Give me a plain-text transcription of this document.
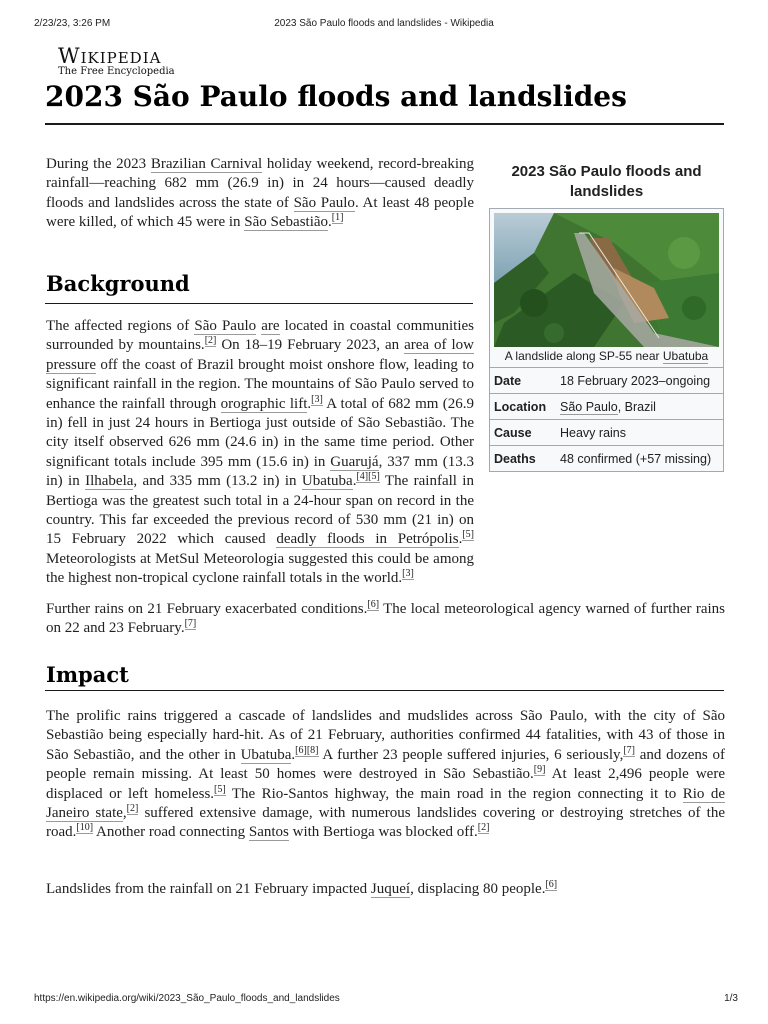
2/23/23, 3:26 PM	2023 São Paulo floods and landslides - Wikipedia
Wikipedia
The Free Encyclopedia
2023 São Paulo floods and landslides

During the 2023 Brazilian Carnival holiday weekend, record-breaking rainfall—reaching 682 mm (26.9 in) in 24 hours—caused deadly floods and landslides across the state of São Paulo. At least 48 people were killed, of which 45 were in São Sebastião.[1]

Background

The affected regions of São Paulo are located in coastal communities surrounded by mountains.[2] On 18–19 February 2023, an area of low pressure off the coast of Brazil brought moist onshore flow, leading to significant rainfall in the region. The mountains of São Paulo served to enhance the rainfall through orographic lift.[3] A total of 682 mm (26.9 in) fell in just 24 hours in Bertioga just outside of São Sebastião. The city itself observed 626 mm (24.6 in) in the same time period. Other significant totals include 395 mm (15.6 in) in Guarujá, 337 mm (13.3 in) in Ilhabela, and 335 mm (13.2 in) in Ubatuba.[4][5] The rainfall in Bertioga was the greatest such total in a 24-hour span on record in the country. This far exceeded the previous record of 530 mm (21 in) on 15 February 2022 which caused deadly floods in Petrópolis.[5] Meteorologists at MetSul Meteorologia suggested this could be among the highest non-tropical cyclone rainfall totals in the world.[3]

Further rains on 21 February exacerbated conditions.[6] The local meteorological agency warned of further rains on 22 and 23 February.[7]

Impact

The prolific rains triggered a cascade of landslides and mudslides across São Paulo, with the city of São Sebastião being especially hard-hit. As of 21 February, authorities confirmed 44 fatalities, with 43 of those in São Sebastião, and the other in Ubatuba.[6][8] A further 23 people suffered injuries, 6 seriously,[7] and dozens of people remain missing. At least 50 homes were destroyed in São Sebastião.[9] At least 2,496 people were displaced or left homeless.[5] The Rio-Santos highway, the main road in the region connecting it to Rio de Janeiro state,[2] suffered extensive damage, with numerous landslides covering or destroying stretches of the road.[10] Another road connecting Santos with Bertioga was blocked off.[2]

Landslides from the rainfall on 21 February impacted Juqueí, displacing 80 people.[6]

2023 São Paulo floods and landslides
A landslide along SP-55 near Ubatuba
Date	18 February 2023–ongoing
Location	São Paulo, Brazil
Cause	Heavy rains
Deaths	48 confirmed (+57 missing)
https://en.wikipedia.org/wiki/2023_São_Paulo_floods_and_landslides	1/3
